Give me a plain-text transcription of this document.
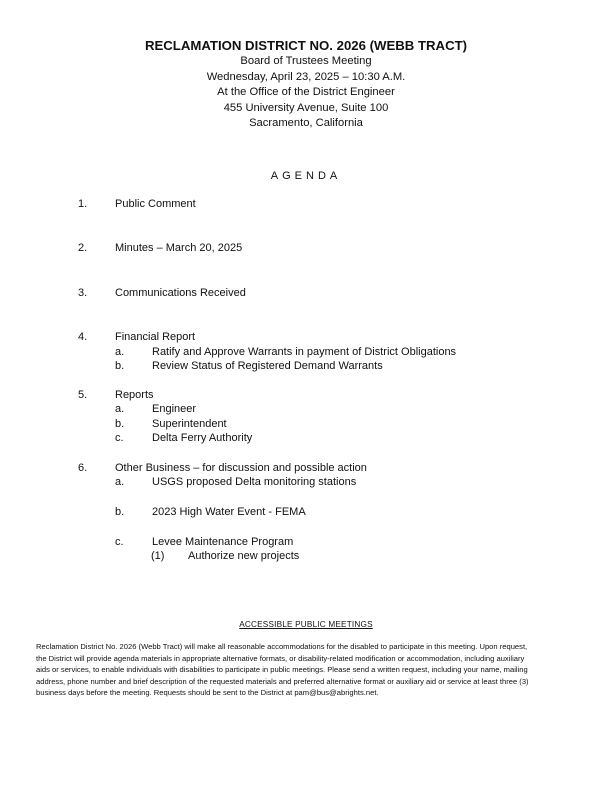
RECLAMATION DISTRICT NO. 2026 (WEBB TRACT)

Board of Trustees Meeting

Wednesday, April 23, 2025 – 10:30 A.M.

At the Office of the District Engineer

455 University Avenue, Suite 100

Sacramento, California

AGENDA
1.	Public Comment
2.	Minutes – March 20, 2025
3.	Communications Received
4.	Financial Report
a.	Ratify and Approve Warrants in payment of District Obligations
b.	Review Status of Registered Demand Warrants
5.	Reports
a.	Engineer
b.	Superintendent
c.	Delta Ferry Authority
6.	Other Business – for discussion and possible action
a.	USGS proposed Delta monitoring stations
b.	2023 High Water Event - FEMA
c.	Levee Maintenance Program
(1) Authorize new projects
ACCESSIBLE PUBLIC MEETINGS
Reclamation District No. 2026 (Webb Tract) will make all reasonable accommodations for the disabled to participate in this meeting. Upon request,
the District will provide agenda materials in appropriate alternative formats, or disability-related modification or accommodation, including auxiliary
aids or services, to enable individuals with disabilities to participate in public meetings. Please send a written request, including your name, mailing
address, phone number and brief description of the requested materials and preferred alternative format or auxiliary aid or service at least three (3)
business days before the meeting. Requests should be sent to the District at pam@bus@abrights.net.
